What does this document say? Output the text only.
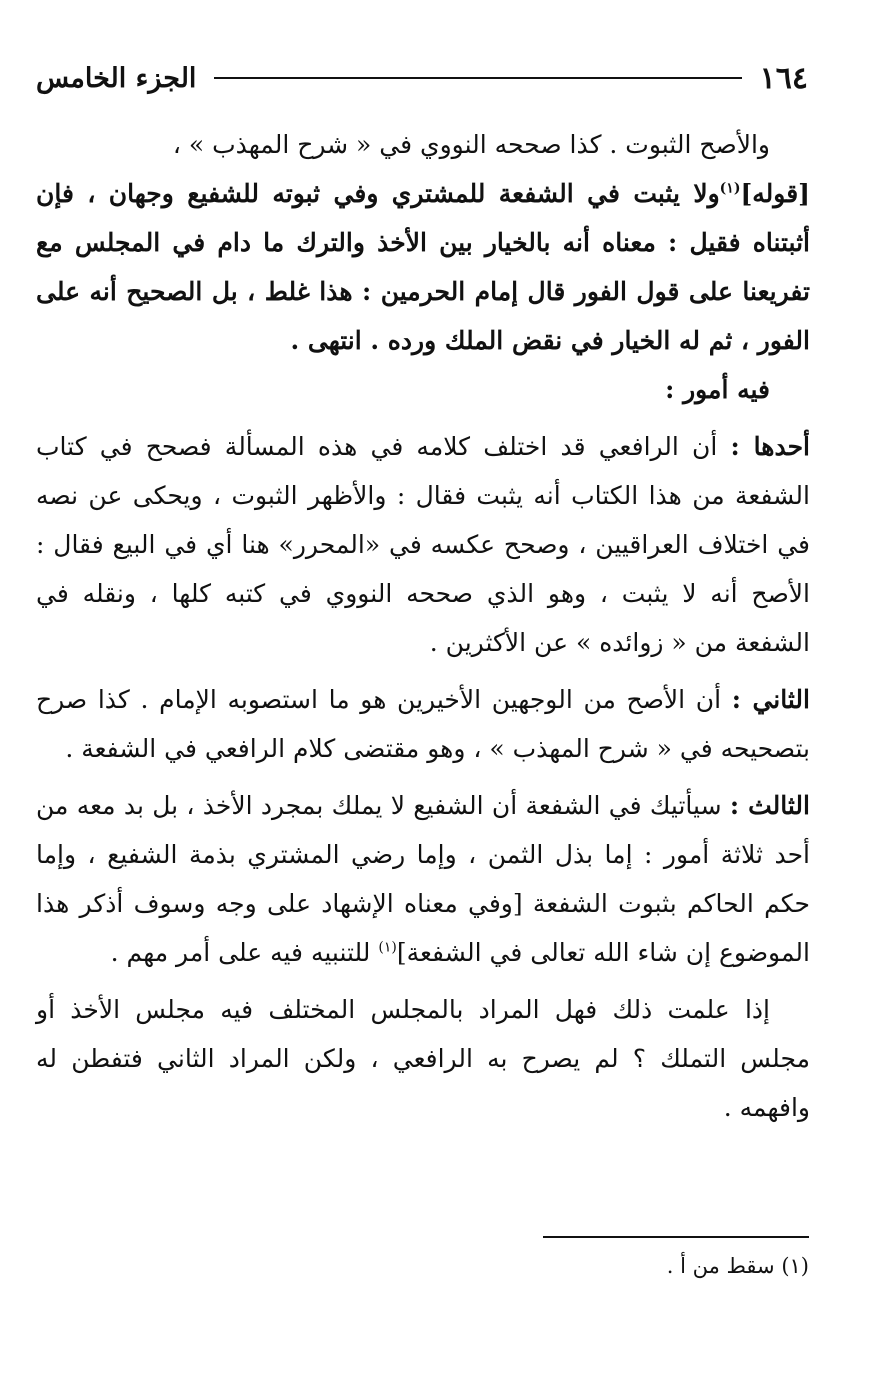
١٦٤
الجزء الخامس

والأصح الثبوت . كذا صححه النووي في « شرح المهذب » ،

[قوله]$^{(١)}$ولا يثبت في الشفعة للمشتري وفي ثبوته للشفيع وجهان ، فإن أثبتناه فقيل : معناه أنه بالخيار بين الأخذ والترك ما دام في المجلس مع تفريعنا على قول الفور قال إمام الحرمين : هذا غلط ، بل الصحيح أنه على الفور ، ثم له الخيار في نقض الملك ورده . انتهى .

فيه أمور :

أحدها : أن الرافعي قد اختلف كلامه في هذه المسألة فصحح في كتاب الشفعة من هذا الكتاب أنه يثبت فقال : والأظهر الثبوت ، ويحكى عن نصه في اختلاف العراقيين ، وصحح عكسه في «المحرر» هنا أي في البيع فقال : الأصح أنه لا يثبت ، وهو الذي صححه النووي في كتبه كلها ، ونقله في الشفعة من « زوائده » عن الأكثرين .

الثاني : أن الأصح من الوجهين الأخيرين هو ما استصوبه الإمام . كذا صرح بتصحيحه في « شرح المهذب » ، وهو مقتضى كلام الرافعي في الشفعة .

الثالث : سيأتيك في الشفعة أن الشفيع لا يملك بمجرد الأخذ ، بل بد معه من أحد ثلاثة أمور : إما بذل الثمن ، وإما رضي المشتري بذمة الشفيع ، وإما حكم الحاكم بثبوت الشفعة [وفي معناه الإشهاد على وجه وسوف أذكر هذا الموضوع إن شاء الله تعالى في الشفعة]$^{(١)}$ للتنبيه فيه على أمر مهم .

إذا علمت ذلك فهل المراد بالمجلس المختلف فيه مجلس الأخذ أو مجلس التملك ؟ لم يصرح به الرافعي ، ولكن المراد الثاني فتفطن له وافهمه .

(١) سقط من أ .
